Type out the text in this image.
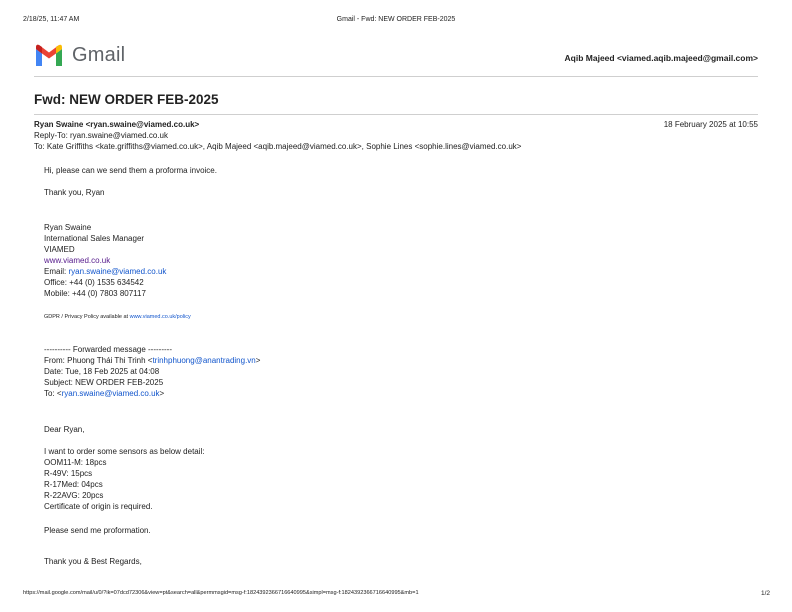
2/18/25, 11:47 AM	Gmail - Fwd: NEW ORDER FEB-2025
Gmail	Aqib Majeed <viamed.aqib.majeed@gmail.com>
Fwd: NEW ORDER FEB-2025
Ryan Swaine <ryan.swaine@viamed.co.uk>	18 February 2025 at 10:55
Reply-To: ryan.swaine@viamed.co.uk
To: Kate Griffiths <kate.griffiths@viamed.co.uk>, Aqib Majeed <aqib.majeed@viamed.co.uk>, Sophie Lines <sophie.lines@viamed.co.uk>
Hi, please can we send them a proforma invoice.
Thank you, Ryan
Ryan Swaine
International Sales Manager
VIAMED
www.viamed.co.uk
Email: ryan.swaine@viamed.co.uk
Office: +44 (0) 1535 634542
Mobile: +44 (0) 7803 807117
GDPR / Privacy Policy available at www.viamed.co.uk/policy
---------- Forwarded message ---------
From: Phuong Thái Thi Trinh <trinhphuong@anantrading.vn>
Date: Tue, 18 Feb 2025 at 04:08
Subject: NEW ORDER FEB-2025
To: <ryan.swaine@viamed.co.uk>
Dear Ryan,
I want to order some sensors as below detail:
OOM11-M: 18pcs
R-49V: 15pcs
R-17Med: 04pcs
R-22AVG: 20pcs
Certificate of origin is required.
Please send me proformation.
Thank you & Best Regards,
https://mail.google.com/mail/u/0/?ik=07dcd72306&view=pt&search=all&permmsgid=msg-f:1824392366716640995&simpl=msg-f:1824392366716640995&mb=1	1/2
